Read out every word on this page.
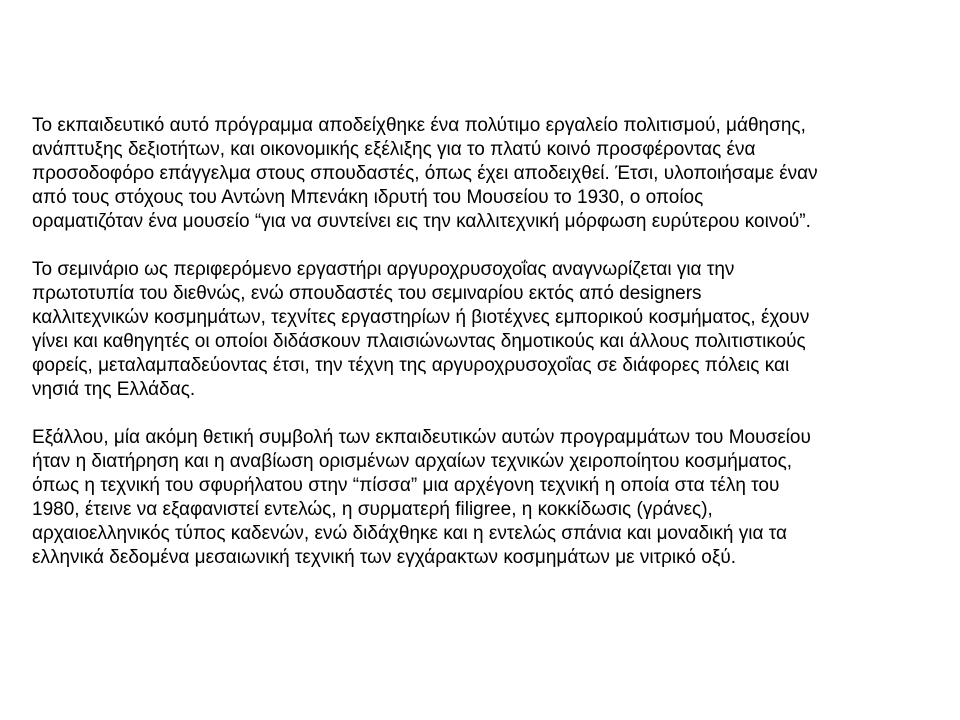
Το εκπαιδευτικό αυτό πρόγραμμα αποδείχθηκε ένα πολύτιμο εργαλείο πολιτισμού, μάθησης,
ανάπτυξης δεξιοτήτων, και οικονομικής εξέλιξης για το πλατύ κοινό προσφέροντας ένα
προσοδοφόρο επάγγελμα στους σπουδαστές, όπως έχει αποδειχθεί. Έτσι, υλοποιήσαμε έναν
από τους στόχους του Αντώνη Μπενάκη ιδρυτή του Μουσείου το 1930, ο οποίος
οραματιζόταν ένα μουσείο “για να συντείνει εις την καλλιτεχνική μόρφωση ευρύτερου κοινού”.
Το σεμινάριο ως περιφερόμενο εργαστήρι αργυροχρυσοχοΐας αναγνωρίζεται για την
πρωτοτυπία του διεθνώς, ενώ σπουδαστές του σεμιναρίου εκτός από designers
καλλιτεχνικών κοσμημάτων, τεχνίτες εργαστηρίων ή βιοτέχνες εμπορικού κοσμήματος, έχουν
γίνει και καθηγητές οι οποίοι διδάσκουν πλαισιώνωντας δημοτικούς και άλλους πολιτιστικούς
φορείς, μεταλαμπαδεύοντας έτσι, την τέχνη της αργυροχρυσοχοΐας σε διάφορες πόλεις και
νησιά της Ελλάδας.
Εξάλλου, μία ακόμη θετική συμβολή των εκπαιδευτικών αυτών προγραμμάτων του Μουσείου
ήταν η διατήρηση και η αναβίωση ορισμένων αρχαίων τεχνικών χειροποίητου κοσμήματος,
όπως η τεχνική του σφυρήλατου στην “πίσσα” μια αρχέγονη τεχνική η οποία στα τέλη του
1980, έτεινε να εξαφανιστεί εντελώς, η συρματερή filigree, η κοκκίδωσις (γράνες),
αρχαιοελληνικός τύπος καδενών, ενώ διδάχθηκε και η εντελώς σπάνια και μοναδική για τα
ελληνικά δεδομένα μεσαιωνική τεχνική των εγχάρακτων κοσμημάτων με νιτρικό οξύ.
